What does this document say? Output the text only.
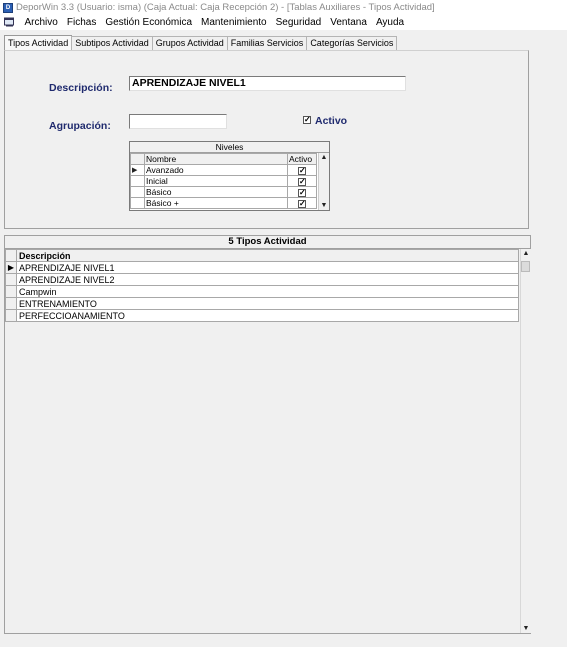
D DeporWin 3.3 (Usuario: isma) (Caja Actual: Caja Recepción 2) - [Tablas Auxiliares - Tipos Actividad]
Archivo Fichas Gestión Económica Mantenimiento Seguridad Ventana Ayuda
Tipos Actividad Subtipos Actividad Grupos Actividad Familias Servicios Categorías Servicios
Descripción: APRENDIZAJE NIVEL1
Agrupación:
✓ Activo
Niveles
	Nombre	Activo
▶	Avanzado	✓
	Inicial	✓
	Básico	✓
	Básico +	✓
▲
▼
5 Tipos Actividad
	Descripción
▶	APRENDIZAJE NIVEL1
	APRENDIZAJE NIVEL2
	Campwin
	ENTRENAMIENTO
	PERFECCIOANAMIENTO
▲
▼
